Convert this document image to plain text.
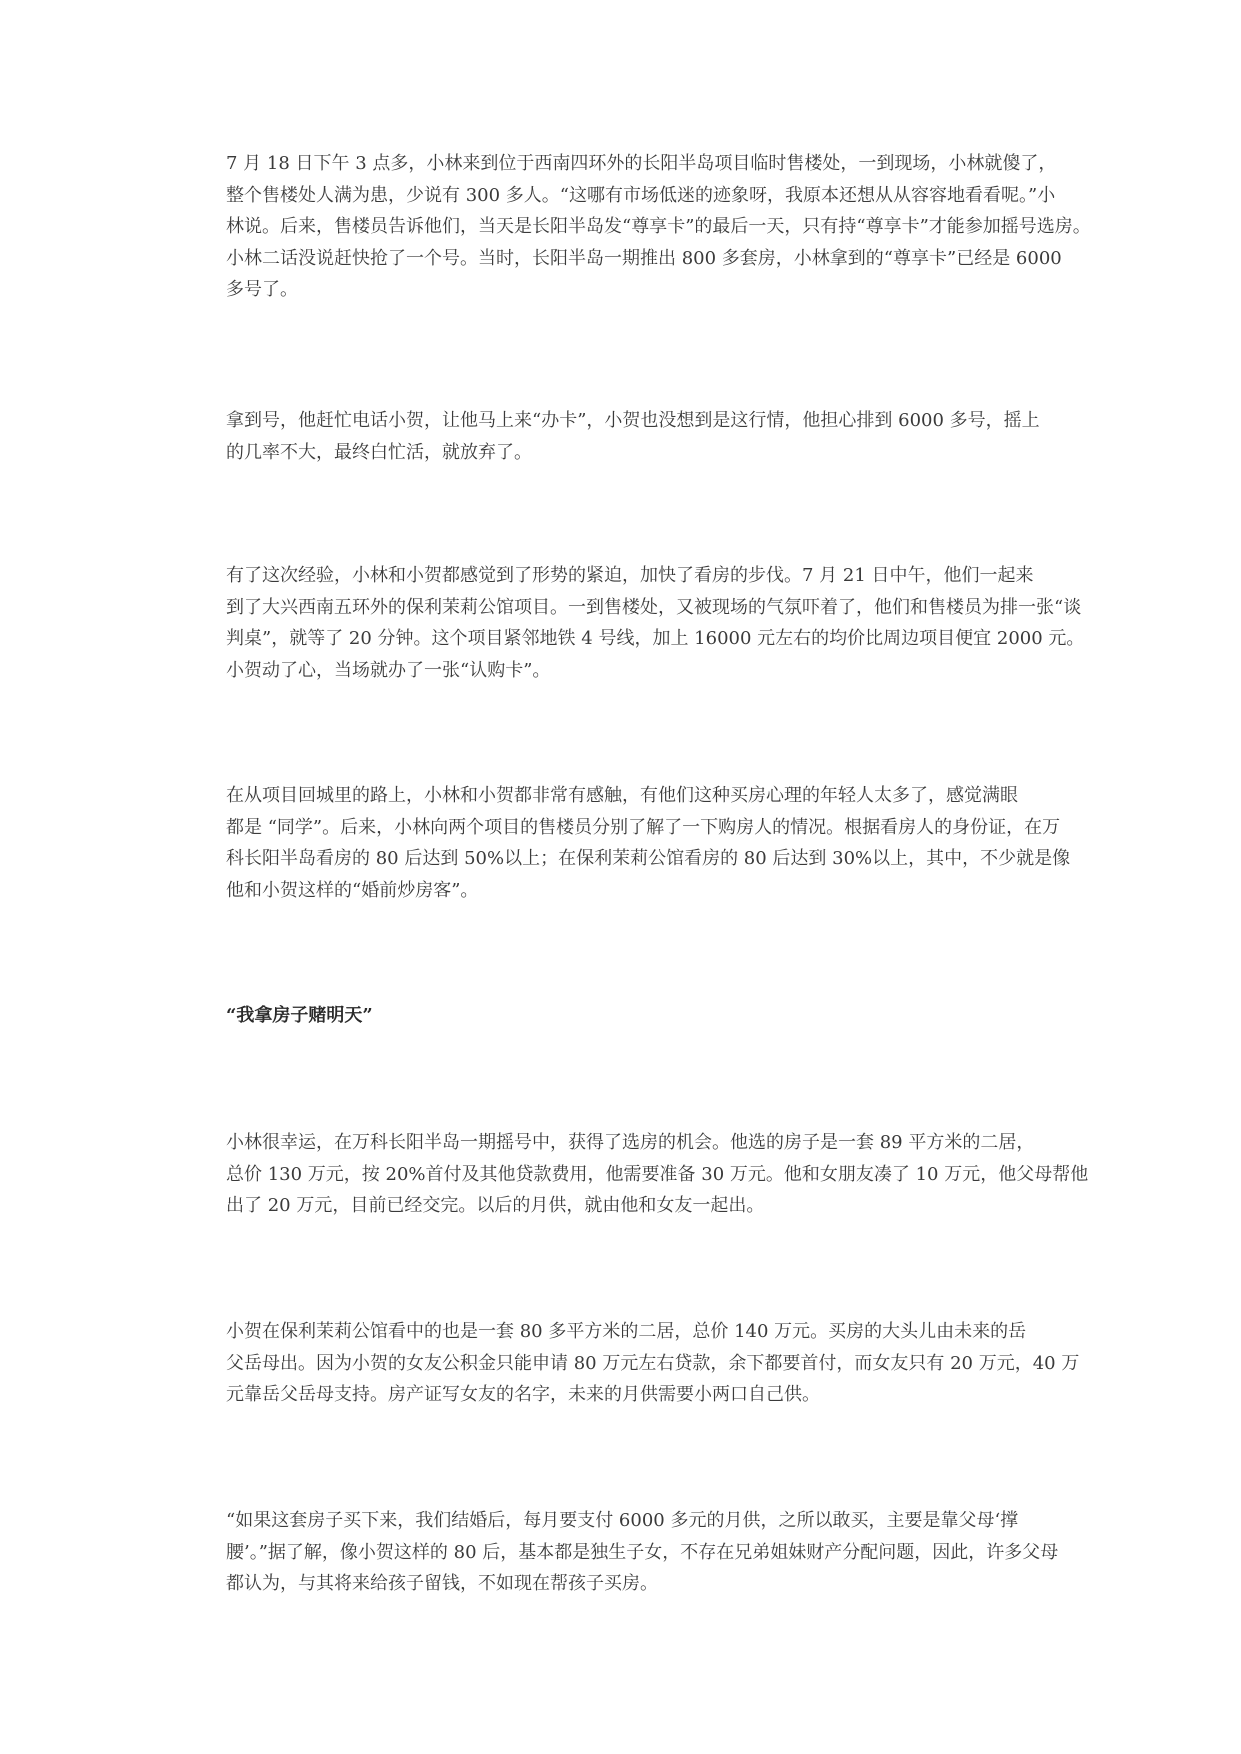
7 月 18 日下午 3 点多，小林来到位于西南四环外的长阳半岛项目临时售楼处，一到现场，小林就傻了，
整个售楼处人满为患，少说有 300 多人。“这哪有市场低迷的迹象呀，我原本还想从从容容地看看呢。”小
林说。后来，售楼员告诉他们，当天是长阳半岛发“尊享卡”的最后一天，只有持“尊享卡”才能参加摇号选房。
小林二话没说赶快抢了一个号。当时，长阳半岛一期推出 800 多套房，小林拿到的“尊享卡”已经是 6000
多号了。
拿到号，他赶忙电话小贺，让他马上来“办卡”，小贺也没想到是这行情，他担心排到 6000 多号，摇上
的几率不大，最终白忙活，就放弃了。
有了这次经验，小林和小贺都感觉到了形势的紧迫，加快了看房的步伐。7 月 21 日中午，他们一起来
到了大兴西南五环外的保利茉莉公馆项目。一到售楼处，又被现场的气氛吓着了，他们和售楼员为排一张“谈
判桌”，就等了 20 分钟。这个项目紧邻地铁 4 号线，加上 16000 元左右的均价比周边项目便宜 2000 元。
小贺动了心，当场就办了一张“认购卡”。
在从项目回城里的路上，小林和小贺都非常有感触，有他们这种买房心理的年轻人太多了，感觉满眼
都是 “同学”。后来，小林向两个项目的售楼员分别了解了一下购房人的情况。根据看房人的身份证，在万
科长阳半岛看房的 80 后达到 50%以上；在保利茉莉公馆看房的 80 后达到 30%以上，其中，不少就是像
他和小贺这样的“婚前炒房客”。
“我拿房子赌明天”
小林很幸运，在万科长阳半岛一期摇号中，获得了选房的机会。他选的房子是一套 89 平方米的二居，
总价 130 万元，按 20%首付及其他贷款费用，他需要准备 30 万元。他和女朋友凑了 10 万元，他父母帮他
出了 20 万元，目前已经交完。以后的月供，就由他和女友一起出。
小贺在保利茉莉公馆看中的也是一套 80 多平方米的二居，总价 140 万元。买房的大头儿由未来的岳
父岳母出。因为小贺的女友公积金只能申请 80 万元左右贷款，余下都要首付，而女友只有 20 万元，40 万
元靠岳父岳母支持。房产证写女友的名字，未来的月供需要小两口自己供。
“如果这套房子买下来，我们结婚后，每月要支付 6000 多元的月供，之所以敢买，主要是靠父母‘撑
腰’。”据了解，像小贺这样的 80 后，基本都是独生子女，不存在兄弟姐妹财产分配问题，因此，许多父母
都认为，与其将来给孩子留钱，不如现在帮孩子买房。
